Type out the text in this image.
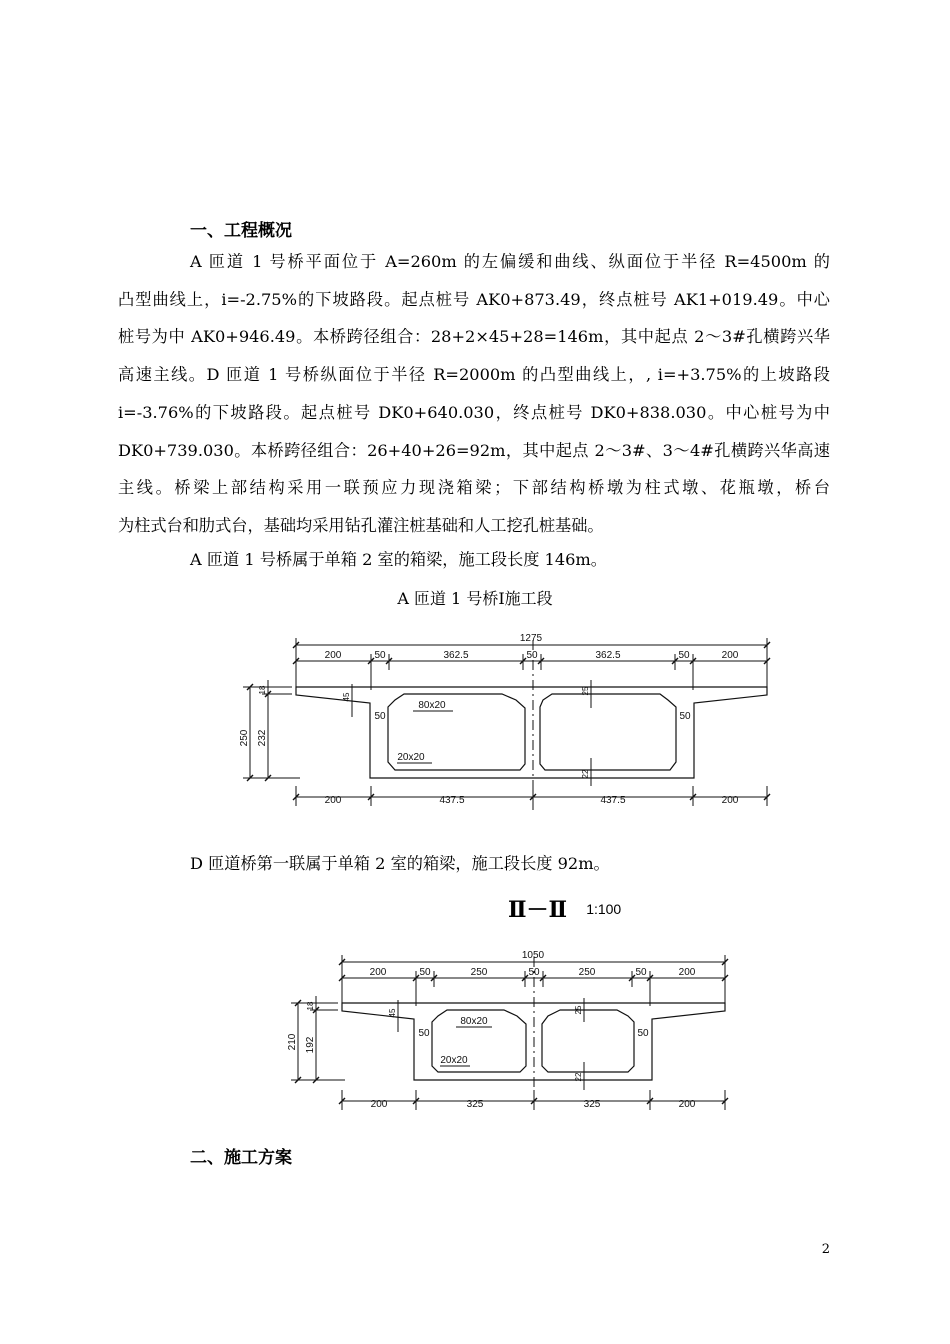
一、工程概况
A 匝道 1 号桥平面位于 A=260m 的左偏缓和曲线、纵面位于半径 R=4500m 的
凸型曲线上，i=-2.75%的下坡路段。起点桩号 AK0+873.49，终点桩号 AK1+019.49。中心
桩号为中 AK0+946.49。本桥跨径组合：28+2×45+28=146m，其中起点 2～3#孔横跨兴华
高速主线。D 匝道 1 号桥纵面位于半径 R=2000m 的凸型曲线上，, i=+3.75%的上坡路段
i=-3.76%的下坡路段。起点桩号 DK0+640.030，终点桩号 DK0+838.030。中心桩号为中
DK0+739.030。本桥跨径组合：26+40+26=92m，其中起点 2～3#、3～4#孔横跨兴华高速
主线。桥梁上部结构采用一联预应力现浇箱梁；下部结构桥墩为柱式墩、花瓶墩，桥台
为柱式台和肋式台，基础均采用钻孔灌注桩基础和人工挖孔桩基础。
A 匝道 1 号桥属于单箱 2 室的箱梁，施工段长度 146m。
A 匝道 1 号桥Ⅰ施工段
1275
200	50	362.5	50	362.5	50	200
250 232
18
45
50	50
80x20
20x20
25
22
200	437.5	437.5	200
D 匝道桥第一联属于单箱 2 室的箱梁，施工段长度 92m。
Ⅱ－Ⅱ 1:100
1050
200	50	250	50	250	50	200
210 192
18
45
50	50
80x20
20x20
25
22
200	325	325	200
二、施工方案
2
